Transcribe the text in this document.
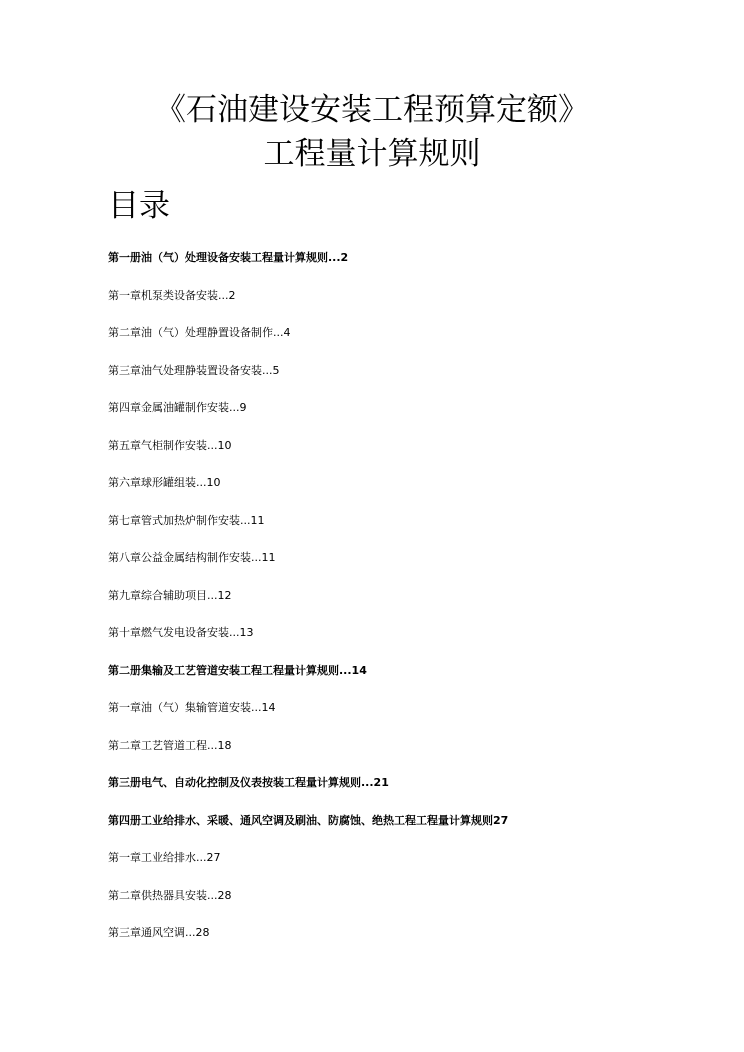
《石油建设安装工程预算定额》
工程量计算规则
目录
第一册油（气）处理设备安装工程量计算规则...2
第一章机泵类设备安装...2
第二章油（气）处理静置设备制作...4
第三章油气处理静装置设备安装...5
第四章金属油罐制作安装...9
第五章气柜制作安装...10
第六章球形罐组装...10
第七章管式加热炉制作安装...11
第八章公益金属结构制作安装...11
第九章综合辅助项目...12
第十章燃气发电设备安装...13
第二册集输及工艺管道安装工程工程量计算规则...14
第一章油（气）集输管道安装...14
第二章工艺管道工程...18
第三册电气、自动化控制及仪表按装工程量计算规则...21
第四册工业给排水、采暖、通风空调及刷油、防腐蚀、绝热工程工程量计算规则27
第一章工业给排水...27
第二章供热器具安装...28
第三章通风空调...28
